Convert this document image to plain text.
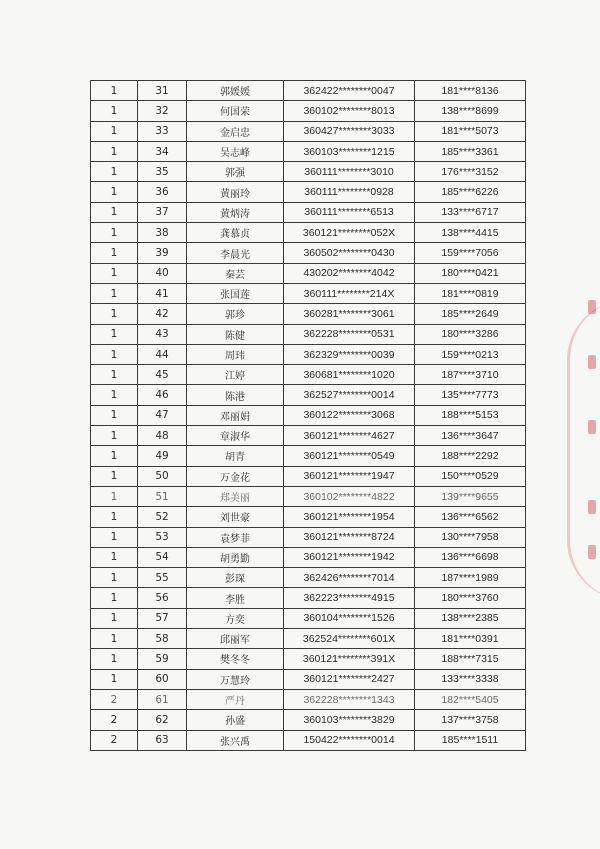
1	31	郭媛媛	362422********0047	181****8136
1	32	何国荣	360102********8013	138****8699
1	33	金启忠	360427********3033	181****5073
1	34	吴志峰	360103********1215	185****3361
1	35	郭强	360111********3010	176****3152
1	36	黄丽玲	360111********0928	185****6226
1	37	黄炳涛	360111********6513	133****6717
1	38	龚慕贞	360121********052X	138****4415
1	39	李晨光	360502********0430	159****7056
1	40	秦芸	430202********4042	180****0421
1	41	张国莲	360111********214X	181****0819
1	42	郭珍	360281********3061	185****2649
1	43	陈健	362228********0531	180****3286
1	44	周玮	362329********0039	159****0213
1	45	江婷	360681********1020	187****3710
1	46	陈港	362527********0014	135****7773
1	47	邓丽娟	360122********3068	188****5153
1	48	章淑华	360121********4627	136****3647
1	49	胡青	360121********0549	188****2292
1	50	万金花	360121********1947	150****0529
1	51	郑美丽	360102********4822	139****9655
1	52	刘世豪	360121********1954	136****6562
1	53	袁梦菲	360121********8724	130****7958
1	54	胡勇勤	360121********1942	136****6698
1	55	彭琛	362426********7014	187****1989
1	56	李胜	362223********4915	180****3760
1	57	方奕	360104********1526	138****2385
1	58	邱丽军	362524********601X	181****0391
1	59	樊冬冬	360121********391X	188****7315
1	60	万慧玲	360121********2427	133****3338
2	61	严丹	362228********1343	182****5405
2	62	孙盛	360103********3829	137****3758
2	63	张兴禹	150422********0014	185****1511
